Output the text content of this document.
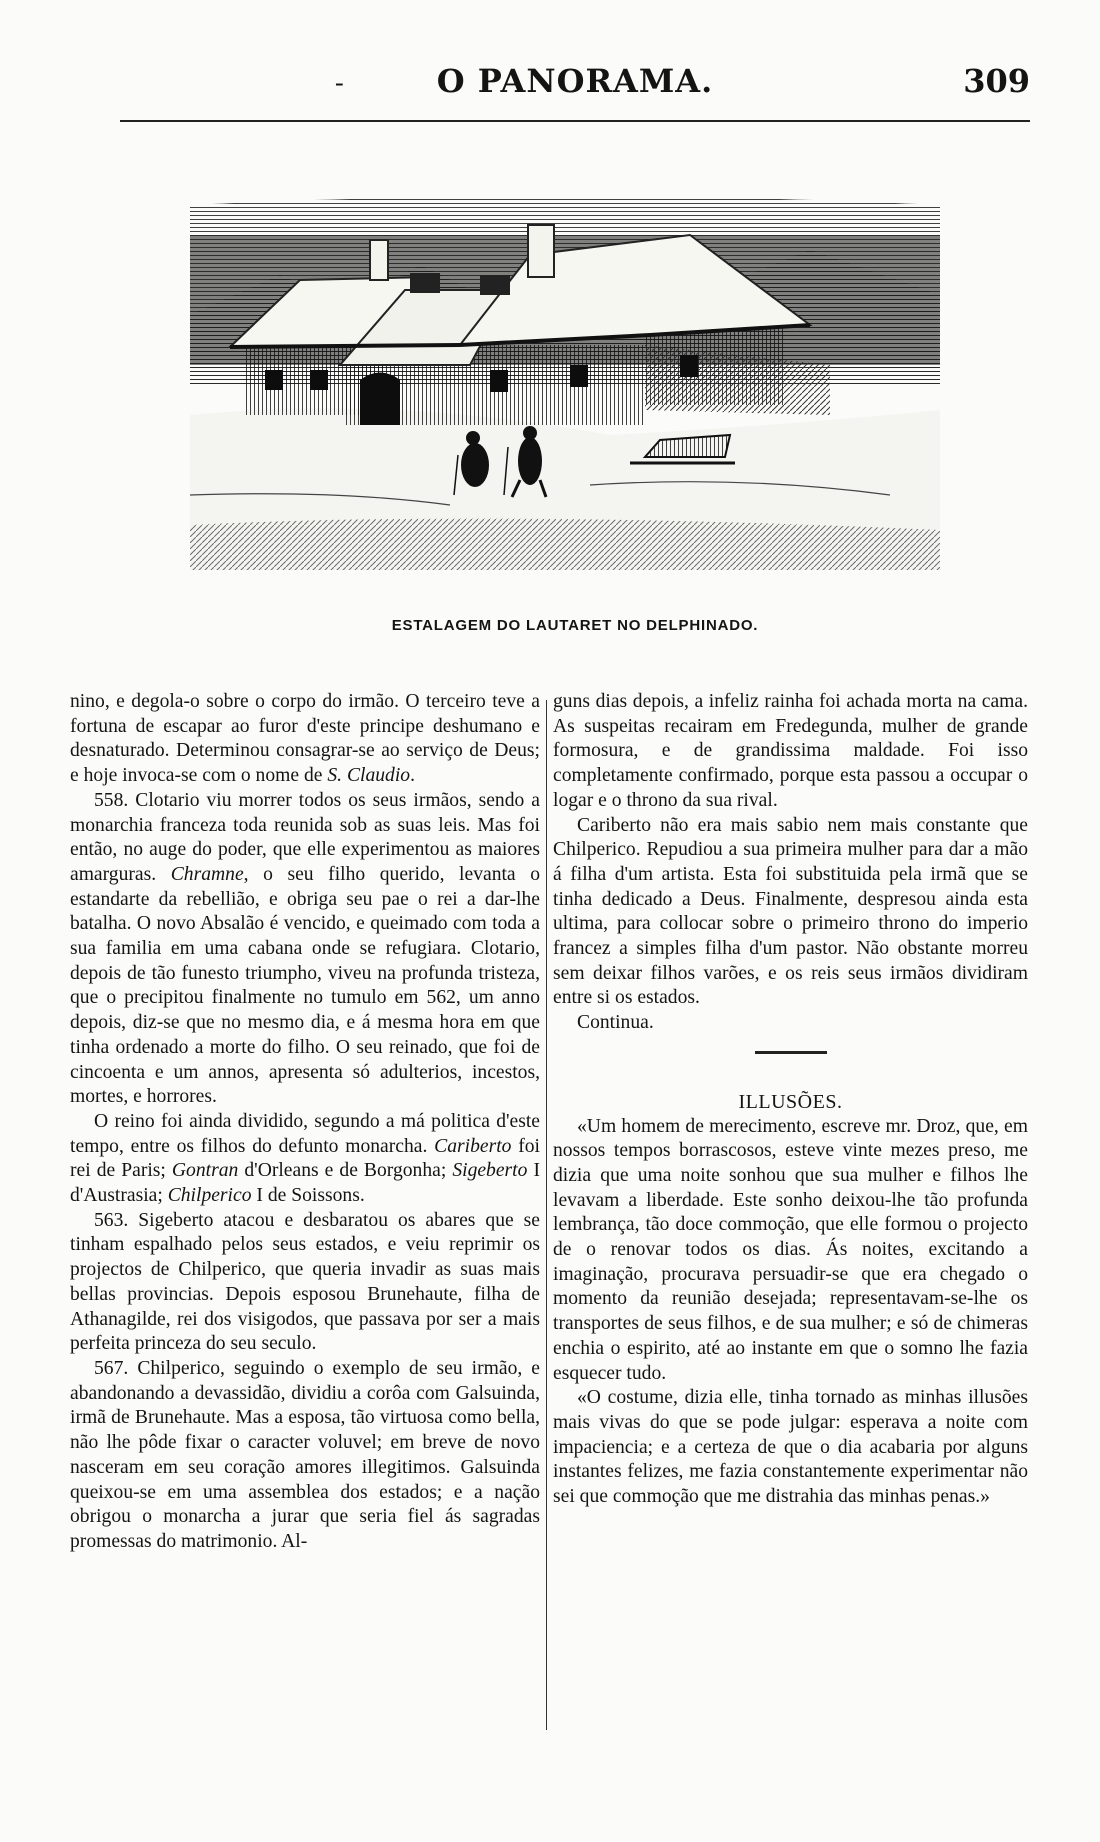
-	O PANORAMA.	309
ESTALAGEM DO LAUTARET NO DELPHINADO.

nino, e degola-o sobre o corpo do irmão. O terceiro teve a fortuna de escapar ao furor d'este principe deshumano e desnaturado. Determinou consagrar-se ao serviço de Deus; e hoje invoca-se com o nome de S. Claudio.

558. Clotario viu morrer todos os seus irmãos, sendo a monarchia franceza toda reunida sob as suas leis. Mas foi então, no auge do poder, que elle experimentou as maiores amarguras. Chramne, o seu filho querido, levanta o estandarte da rebellião, e obriga seu pae o rei a dar-lhe batalha. O novo Absalão é vencido, e queimado com toda a sua familia em uma cabana onde se refugiara. Clotario, depois de tão funesto triumpho, viveu na profunda tristeza, que o precipitou finalmente no tumulo em 562, um anno depois, diz-se que no mesmo dia, e á mesma hora em que tinha ordenado a morte do filho. O seu reinado, que foi de cincoenta e um annos, apresenta só adulterios, incestos, mortes, e horrores.

O reino foi ainda dividido, segundo a má politica d'este tempo, entre os filhos do defunto monarcha. Cariberto foi rei de Paris; Gontran d'Orleans e de Borgonha; Sigeberto I d'Austrasia; Chilperico I de Soissons.

563. Sigeberto atacou e desbaratou os abares que se tinham espalhado pelos seus estados, e veiu reprimir os projectos de Chilperico, que queria invadir as suas mais bellas provincias. Depois esposou Brunehaute, filha de Athanagilde, rei dos visigodos, que passava por ser a mais perfeita princeza do seu seculo.

567. Chilperico, seguindo o exemplo de seu irmão, e abandonando a devassidão, dividiu a corôa com Galsuinda, irmã de Brunehaute. Mas a esposa, tão virtuosa como bella, não lhe pôde fixar o caracter voluvel; em breve de novo nasceram em seu coração amores illegitimos. Galsuinda queixou-se em uma assemblea dos estados; e a nação obrigou o monarcha a jurar que seria fiel ás sagradas promessas do matrimonio. Al-

guns dias depois, a infeliz rainha foi achada morta na cama. As suspeitas recairam em Fredegunda, mulher de grande formosura, e de grandissima maldade. Foi isso completamente confirmado, porque esta passou a occupar o logar e o throno da sua rival.

Cariberto não era mais sabio nem mais constante que Chilperico. Repudiou a sua primeira mulher para dar a mão á filha d'um artista. Esta foi substituida pela irmã que se tinha dedicado a Deus. Finalmente, despresou ainda esta ultima, para collocar sobre o primeiro throno do imperio francez a simples filha d'um pastor. Não obstante morreu sem deixar filhos varões, e os reis seus irmãos dividiram entre si os estados.

Continua.

ILLUSÕES.

«Um homem de merecimento, escreve mr. Droz, que, em nossos tempos borrascosos, esteve vinte mezes preso, me dizia que uma noite sonhou que sua mulher e filhos lhe levavam a liberdade. Este sonho deixou-lhe tão profunda lembrança, tão doce commoção, que elle formou o projecto de o renovar todos os dias. Ás noites, excitando a imaginação, procurava persuadir-se que era chegado o momento da reunião desejada; representavam-se-lhe os transportes de seus filhos, e de sua mulher; e só de chimeras enchia o espirito, até ao instante em que o somno lhe fazia esquecer tudo.

«O costume, dizia elle, tinha tornado as minhas illusões mais vivas do que se pode julgar: esperava a noite com impaciencia; e a certeza de que o dia acabaria por alguns instantes felizes, me fazia constantemente experimentar não sei que commoção que me distrahia das minhas penas.»
